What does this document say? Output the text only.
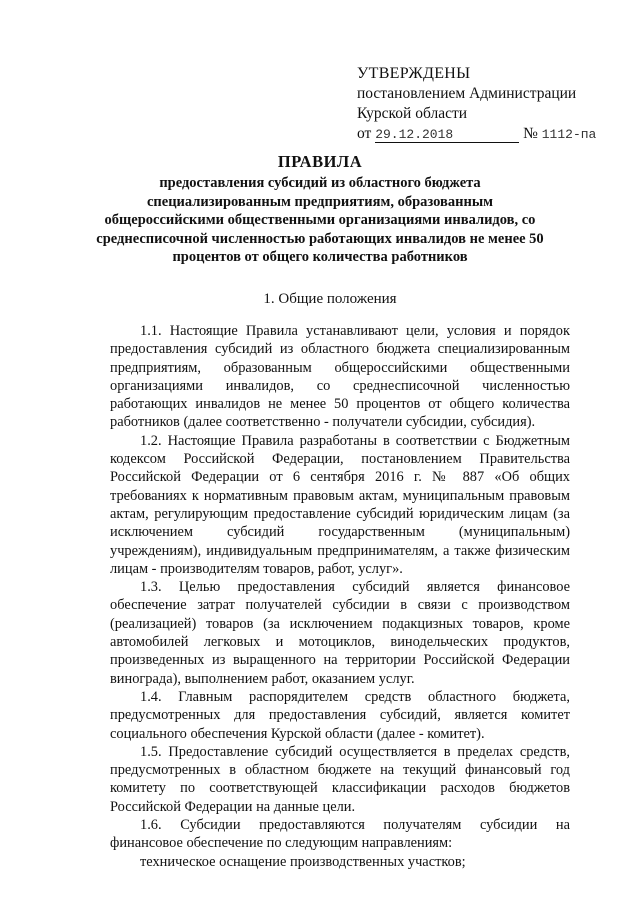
УТВЕРЖДЕНЫ
постановлением Администрации
Курской области
от 29.12.2018	№ 1112-па
ПРАВИЛА
предоставления субсидий из областного бюджета
специализированным предприятиям, образованным
общероссийскими общественными организациями инвалидов, со
среднесписочной численностью работающих инвалидов не менее 50
процентов от общего количества работников
1. Общие положения

1.1. Настоящие Правила устанавливают цели, условия и порядок предоставления субсидий из областного бюджета специализированным предприятиям, образованным общероссийскими общественными организациями инвалидов, со среднесписочной численностью работающих инвалидов не менее 50 процентов от общего количества работников (далее соответственно - получатели субсидии, субсидия).

1.2. Настоящие Правила разработаны в соответствии с Бюджетным кодексом Российской Федерации, постановлением Правительства Российской Федерации от 6 сентября 2016 г. № 887 «Об общих требованиях к нормативным правовым актам, муниципальным правовым актам, регулирующим предоставление субсидий юридическим лицам (за исключением субсидий государственным (муниципальным) учреждениям), индивидуальным предпринимателям, а также физическим лицам - производителям товаров, работ, услуг».

1.3. Целью предоставления субсидий является финансовое обеспечение затрат получателей субсидии в связи с производством (реализацией) товаров (за исключением подакцизных товаров, кроме автомобилей легковых и мотоциклов, винодельческих продуктов, произведенных из выращенного на территории Российской Федерации винограда), выполнением работ, оказанием услуг.

1.4. Главным распорядителем средств областного бюджета, предусмотренных для предоставления субсидий, является комитет социального обеспечения Курской области (далее - комитет).

1.5. Предоставление субсидий осуществляется в пределах средств, предусмотренных в областном бюджете на текущий финансовый год комитету по соответствующей классификации расходов бюджетов Российской Федерации на данные цели.

1.6. Субсидии предоставляются получателям субсидии на финансовое обеспечение по следующим направлениям:

техническое оснащение производственных участков;
